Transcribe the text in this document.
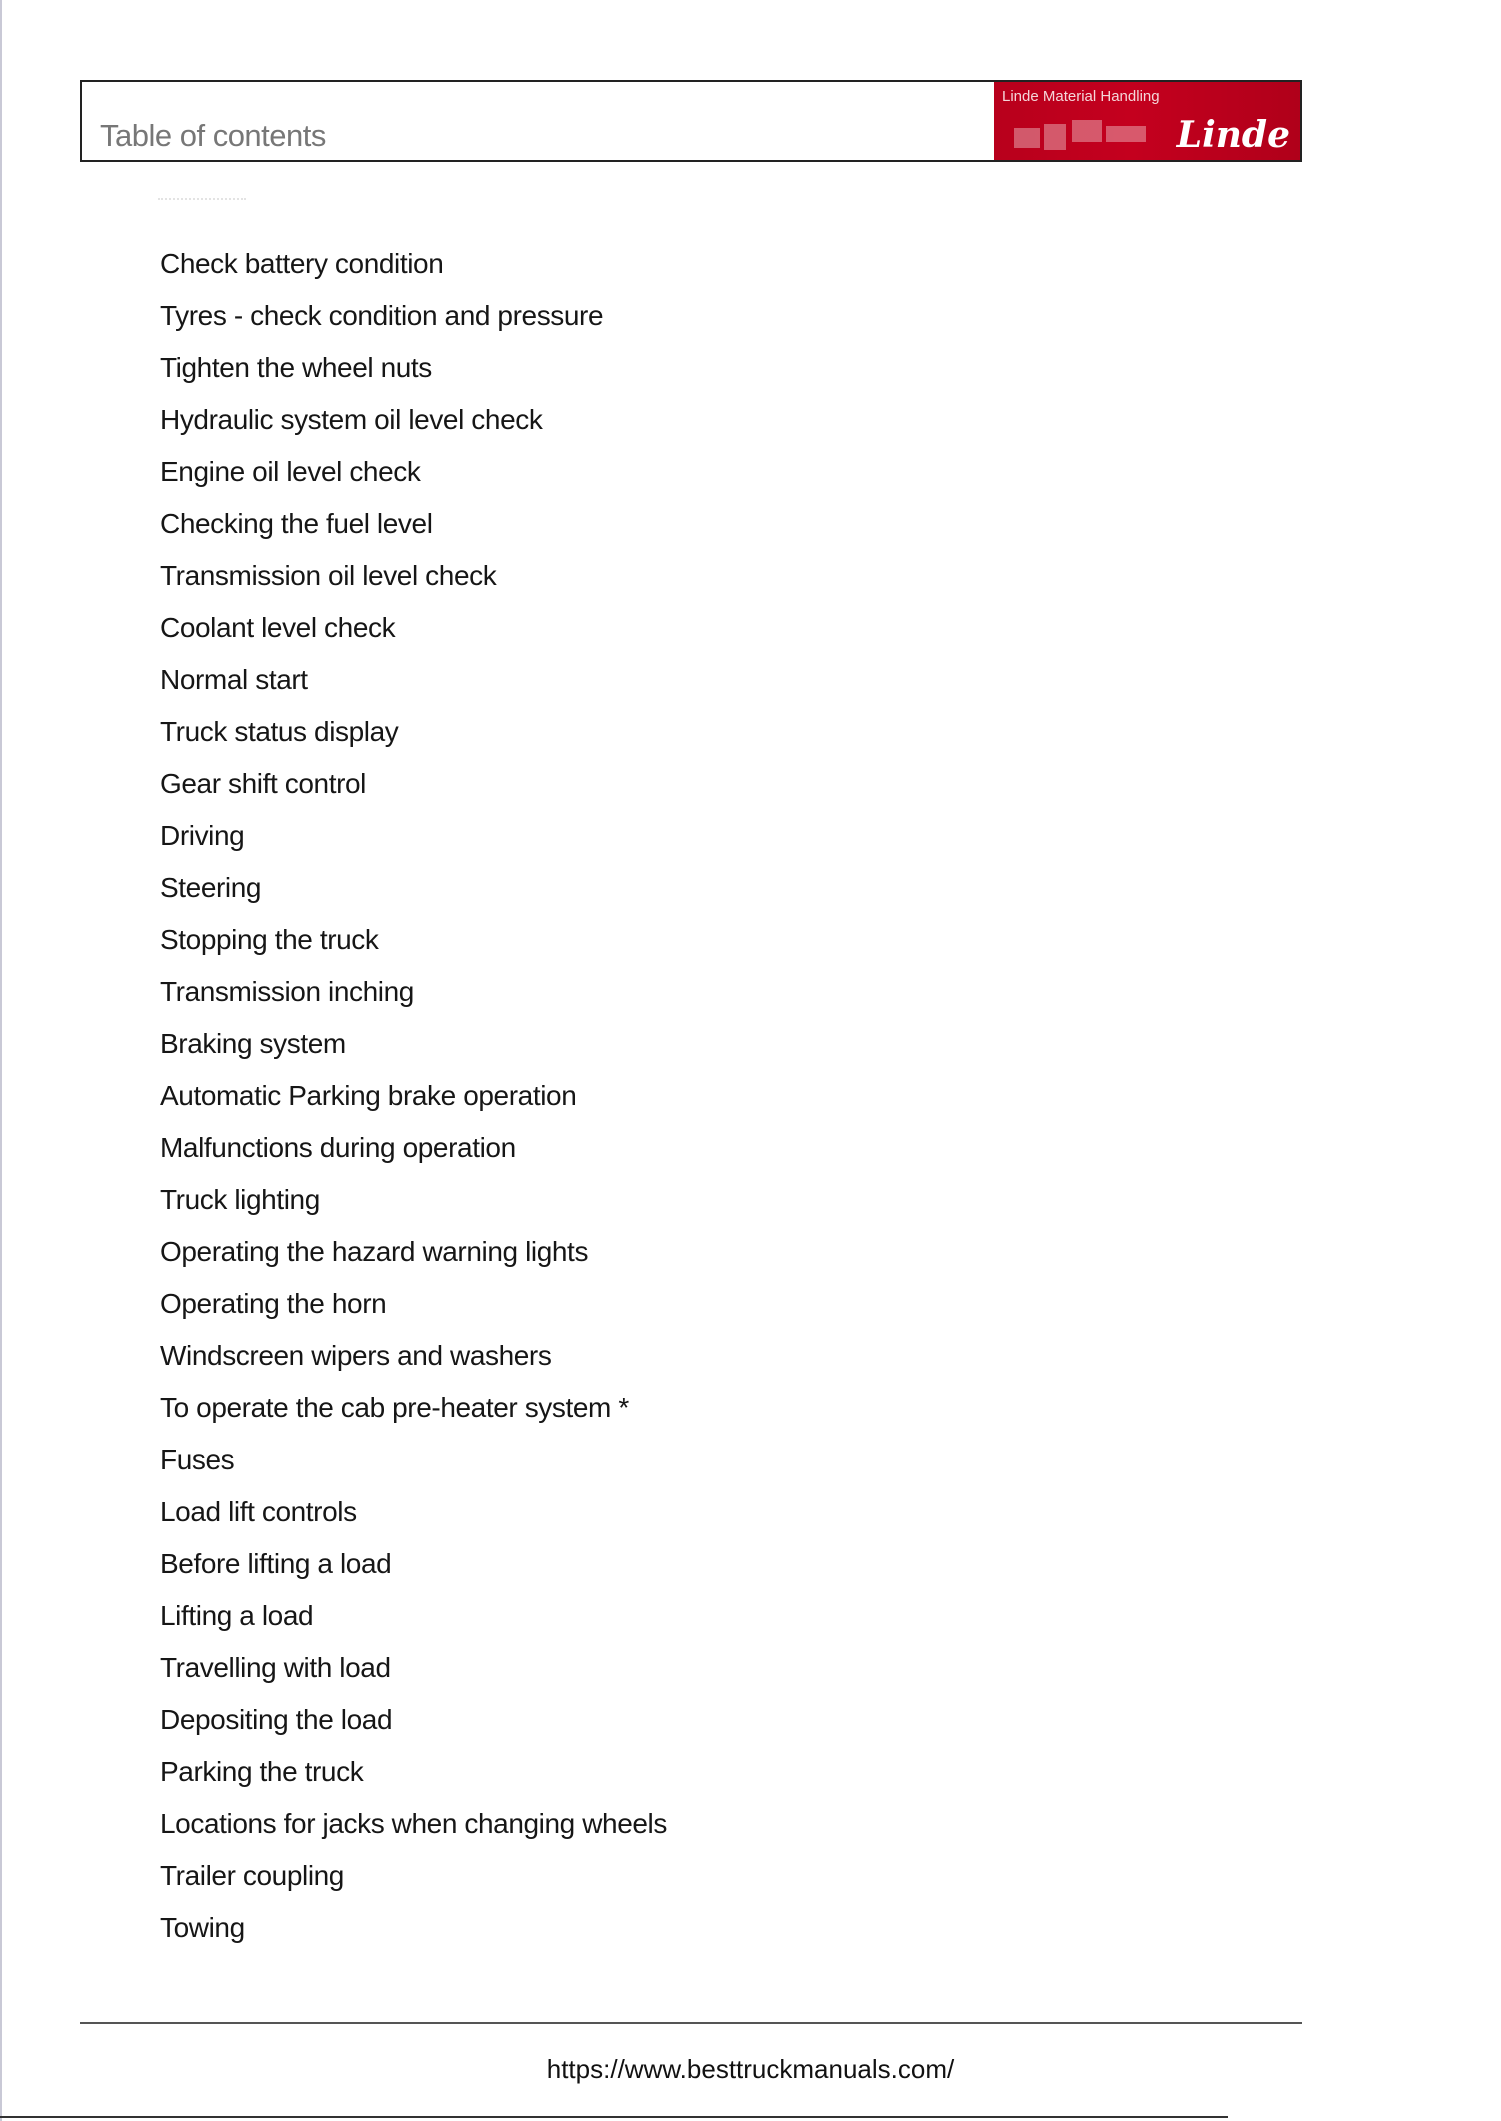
Table of contents
Linde Material Handling
Linde
Check battery condition
Tyres - check condition and pressure
Tighten the wheel nuts
Hydraulic system oil level check
Engine oil level check
Checking the fuel level
Transmission oil level check
Coolant level check
Normal start
Truck status display
Gear shift control
Driving
Steering
Stopping the truck
Transmission inching
Braking system
Automatic Parking brake operation
Malfunctions during operation
Truck lighting
Operating the hazard warning lights
Operating the horn
Windscreen wipers and washers
To operate the cab pre-heater system *
Fuses
Load lift controls
Before lifting a load
Lifting a load
Travelling with load
Depositing the load
Parking the truck
Locations for jacks when changing wheels
Trailer coupling
Towing
https://www.besttruckmanuals.com/
